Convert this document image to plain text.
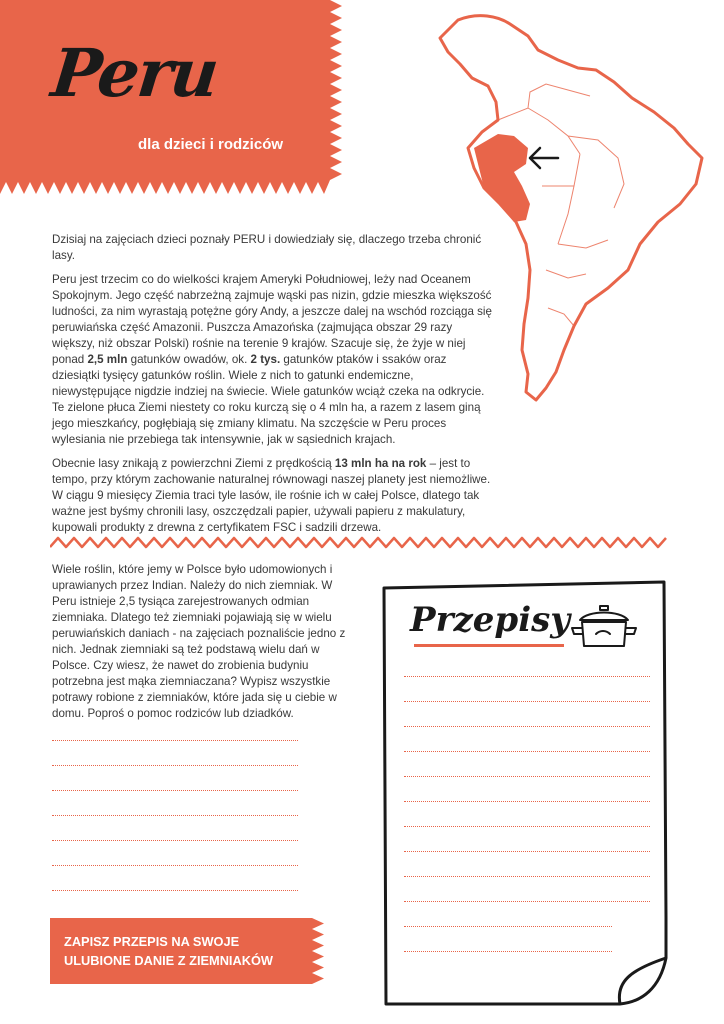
Peru
dla dzieci i rodziców

Dzisiaj na zajęciach dzieci poznały PERU i dowiedziały się, dlaczego trzeba chronić lasy.

Peru jest trzecim co do wielkości krajem Ameryki Południowej, leży nad Oceanem Spokojnym. Jego część nabrzeżną zajmuje wąski pas nizin, gdzie mieszka większość ludności, za nim wyrastają potężne góry Andy, a jeszcze dalej na wschód rozciąga się peruwiańska część Amazonii. Puszcza Amazońska (zajmująca obszar 29 razy większy, niż obszar Polski) rośnie na terenie 9 krajów. Szacuje się, że żyje w niej ponad 2,5 mln gatunków owadów, ok. 2 tys. gatunków ptaków i ssaków oraz dziesiątki tysięcy gatunków roślin. Wiele z nich to gatunki endemiczne, niewystępujące nigdzie indziej na świecie. Wiele gatunków wciąż czeka na odkrycie. Te zielone płuca Ziemi niestety co roku kurczą się o 4 mln ha, a razem z lasem giną jego mieszkańcy, pogłębiają się zmiany klimatu. Na szczęście w Peru proces wylesiania nie przebiega tak intensywnie, jak w sąsiednich krajach.

Obecnie lasy znikają z powierzchni Ziemi z prędkością 13 mln ha na rok – jest to tempo, przy którym zachowanie naturalnej równowagi naszej planety jest niemożliwe. W ciągu 9 miesięcy Ziemia traci tyle lasów, ile rośnie ich w całej Polsce, dlatego tak ważne jest byśmy chronili lasy, oszczędzali papier, używali papieru z makulatury, kupowali produkty z drewna z certyfikatem FSC i sadzili drzewa.

Wiele roślin, które jemy w Polsce było udomowionych i uprawianych przez Indian. Należy do nich ziemniak. W Peru istnieje 2,5 tysiąca zarejestrowanych odmian ziemniaka. Dlatego też ziemniaki pojawiają się w wielu peruwiańskich daniach - na zajęciach poznaliście jedno z nich. Jednak ziemniaki są też podstawą wielu dań w Polsce. Czy wiesz, że nawet do zrobienia budyniu potrzebna jest mąka ziemniaczana? Wypisz wszystkie potrawy robione z ziemniaków, które jada się u ciebie w domu. Poproś o pomoc rodziców lub dziadków.
Przepisy
ZAPISZ PRZEPIS NA SWOJE
ULUBIONE DANIE Z ZIEMNIAKÓW
